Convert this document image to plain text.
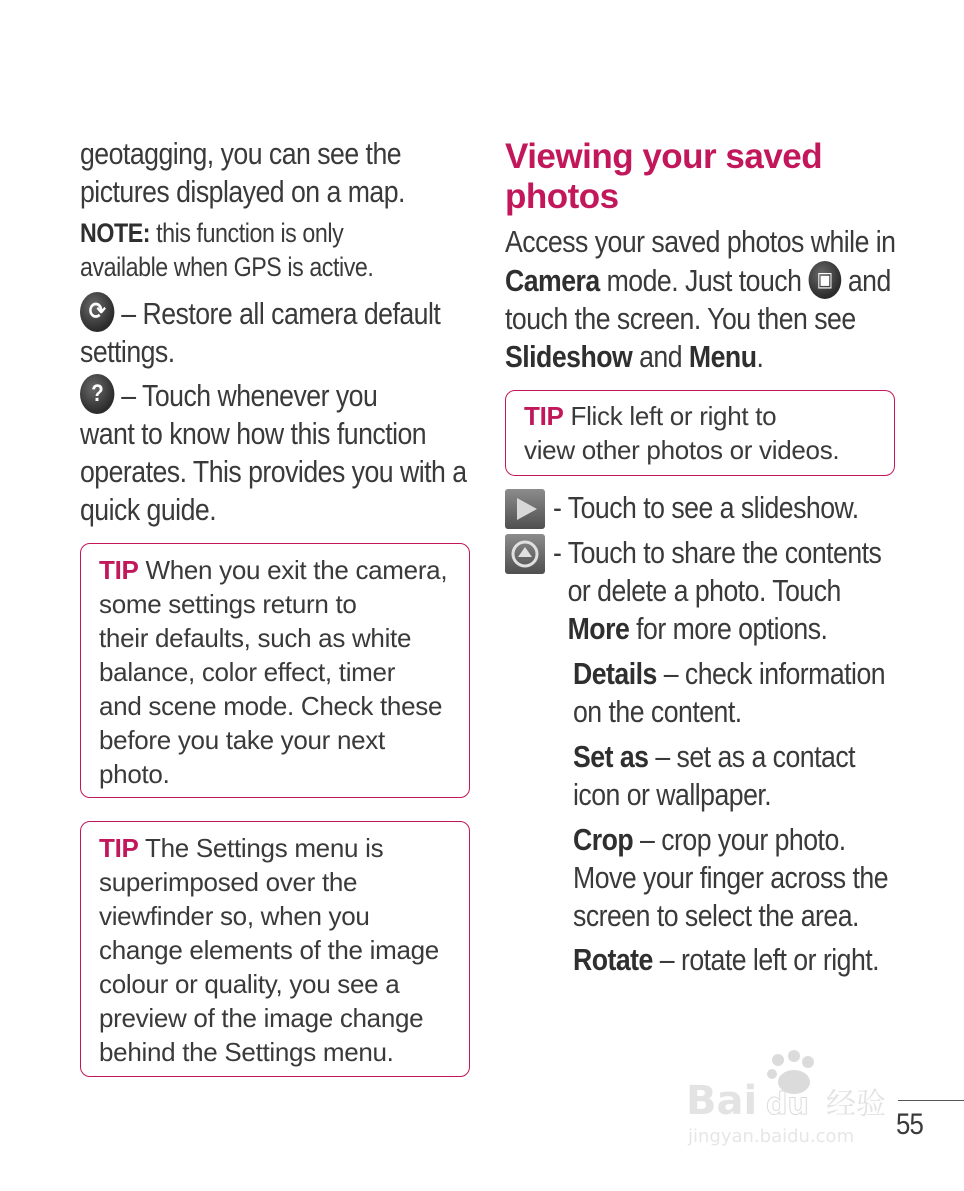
geotagging, you can see the pictures displayed on a map.

NOTE: this function is only available when GPS is active.

⟳ – Restore all camera default settings.

? – Touch whenever you
want to know how this function
operates. This provides you with a
quick guide.

TIP When you exit the camera,
some settings return to
their defaults, such as white
balance, color effect, timer
and scene mode. Check these
before you take your next
photo.
TIP The Settings menu is
superimposed over the
viewfinder so, when you
change elements of the image
colour or quality, you see a
preview of the image change
behind the Settings menu.
Viewing your saved
photos

Access your saved photos while in
Camera mode. Just touch ▣ and
touch the screen. You then see
Slideshow and Menu.

TIP Flick left or right to
view other photos or videos.

- Touch to see a slideshow.

- Touch to share the contents
or delete a photo. Touch
More for more options.

Details – check information
on the content.

Set as – set as a contact
icon or wallpaper.

Crop – crop your photo.
Move your finger across the
screen to select the area.

Rotate – rotate left or right.

Bai du 经验
jingyan.baidu.com 55
